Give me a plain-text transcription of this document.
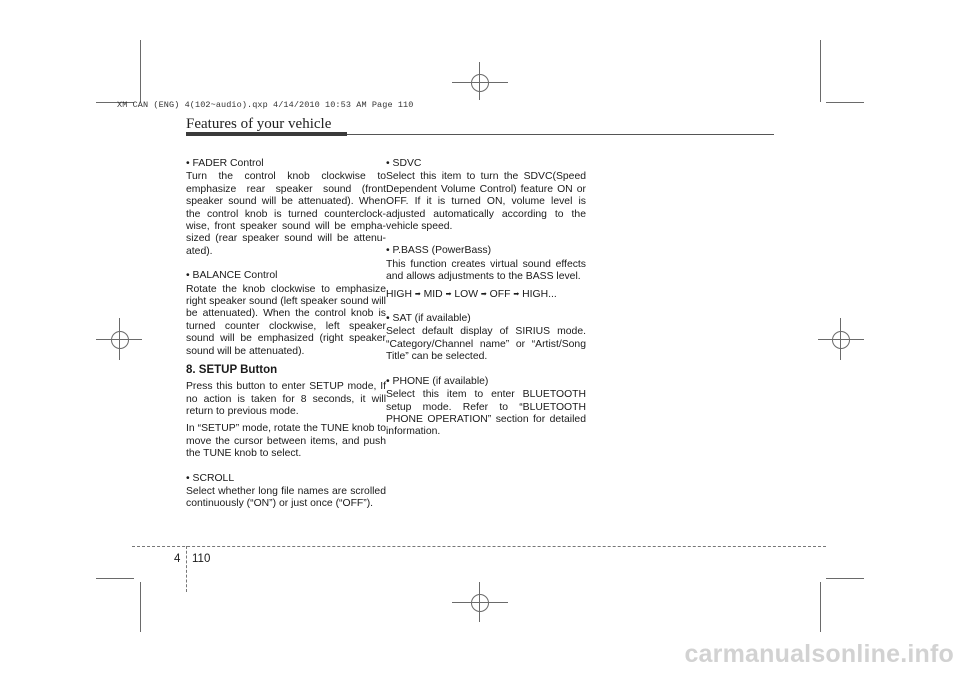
XM CAN (ENG) 4(102~audio).qxp 4/14/2010 10:53 AM Page 110
Features of your vehicle

• FADER Control

Turn the control knob clockwise to emphasize rear speaker sound (front speaker sound will be attenuated). When the control knob is turned counterclock-wise, front speaker sound will be empha-sized (rear speaker sound will be attenu-ated).

• BALANCE Control

Rotate the knob clockwise to emphasize right speaker sound (left speaker sound will be attenuated). When the control knob is turned counter clockwise, left speaker sound will be emphasized (right speaker sound will be attenuated).

8. SETUP Button

Press this button to enter SETUP mode, If no action is taken for 8 seconds, it will return to previous mode.

In “SETUP” mode, rotate the TUNE knob to move the cursor between items, and push the TUNE knob to select.

• SCROLL

Select whether long file names are scrolled continuously (“ON”) or just once (“OFF”).

• SDVC

Select this item to turn the SDVC(Speed Dependent Volume Control) feature ON or OFF. If it is turned ON, volume level is adjusted automatically according to the vehicle speed.

• P.BASS (PowerBass)

This function creates virtual sound effects and allows adjustments to the BASS level.

HIGH ➡ MID ➡ LOW ➡ OFF ➡ HIGH...

• SAT (if available)

Select default display of SIRIUS mode. “Category/Channel name” or “Artist/Song Title” can be selected.

• PHONE (if available)

Select this item to enter BLUETOOTH setup mode. Refer to “BLUETOOTH PHONE OPERATION” section for detailed information.

4 110
carmanualsonline.info
